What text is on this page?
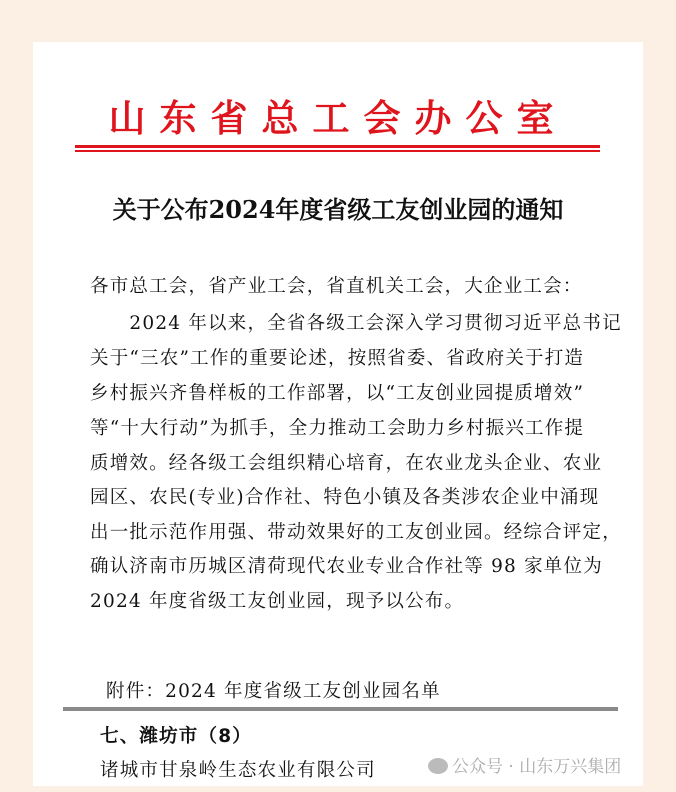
山东省总工会办公室
关于公布2024年度省级工友创业园的通知
各市总工会，省产业工会，省直机关工会，大企业工会：
　　2024 年以来，全省各级工会深入学习贯彻习近平总书记
关于“三农”工作的重要论述，按照省委、省政府关于打造
乡村振兴齐鲁样板的工作部署，以“工友创业园提质增效”
等“十大行动”为抓手，全力推动工会助力乡村振兴工作提
质增效。经各级工会组织精心培育，在农业龙头企业、农业
园区、农民(专业)合作社、特色小镇及各类涉农企业中涌现
出一批示范作用强、带动效果好的工友创业园。经综合评定，
确认济南市历城区清荷现代农业专业合作社等 98 家单位为
2024 年度省级工友创业园，现予以公布。
附件：2024 年度省级工友创业园名单
七、潍坊市（8）
诸城市甘泉岭生态农业有限公司	公众号 · 山东万兴集团
